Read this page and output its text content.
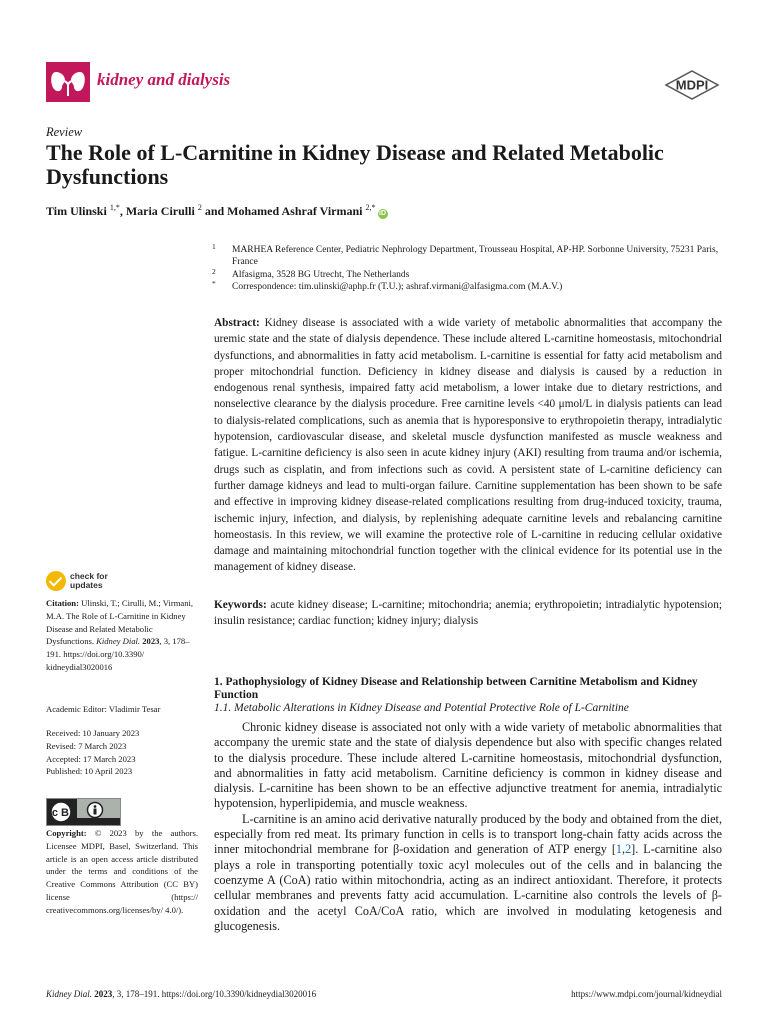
kidney and dialysis	MDPI
Review
The Role of L-Carnitine in Kidney Disease and Related Metabolic Dysfunctions
Tim Ulinski $^{1,*}$, Maria Cirulli $^2$ and Mohamed Ashraf Virmani $^{2,*}$iD
1 MARHEA Reference Center, Pediatric Nephrology Department, Trousseau Hospital, AP-HP. Sorbonne University, 75231 Paris, France
2 Alfasigma, 3528 BG Utrecht, The Netherlands
* Correspondence: tim.ulinski@aphp.fr (T.U.); ashraf.virmani@alfasigma.com (M.A.V.)
Abstract: Kidney disease is associated with a wide variety of metabolic abnormalities that accompany the uremic state and the state of dialysis dependence. These include altered L-carnitine homeostasis, mitochondrial dysfunctions, and abnormalities in fatty acid metabolism. L-carnitine is essential for fatty acid metabolism and proper mitochondrial function. Deficiency in kidney disease and dialysis is caused by a reduction in endogenous renal synthesis, impaired fatty acid metabolism, a lower intake due to dietary restrictions, and nonselective clearance by the dialysis procedure. Free carnitine levels <40 μmol/L in dialysis patients can lead to dialysis-related complications, such as anemia that is hyporesponsive to erythropoietin therapy, intradialytic hypotension, cardiovascular disease, and skeletal muscle dysfunction manifested as muscle weakness and fatigue. L-carnitine deficiency is also seen in acute kidney injury (AKI) resulting from trauma and/or ischemia, drugs such as cisplatin, and from infections such as covid. A persistent state of L-carnitine deficiency can further damage kidneys and lead to multi-organ failure. Carnitine supplementation has been shown to be safe and effective in improving kidney disease-related complications resulting from drug-induced toxicity, trauma, ischemic injury, infection, and dialysis, by replenishing adequate carnitine levels and rebalancing carnitine homeostasis. In this review, we will examine the protective role of L-carnitine in reducing cellular oxidative damage and maintaining mitochondrial function together with the clinical evidence for its potential use in the management of kidney disease.
Keywords: acute kidney disease; L-carnitine; mitochondria; anemia; erythropoietin; intradialytic hypotension; insulin resistance; cardiac function; kidney injury; dialysis
check for
updates

Citation: Ulinski, T.; Cirulli, M.; Virmani, M.A. The Role of L-Carnitine in Kidney Disease and Related Metabolic Dysfunctions. Kidney Dial. 2023, 3, 178–191. https://doi.org/10.3390/ kidneydial3020016

Academic Editor: Vladimir Tesar

Received: 10 January 2023

Revised: 7 March 2023

Accepted: 17 March 2023

Published: 10 April 2023

cc BY

Copyright: © 2023 by the authors. Licensee MDPI, Basel, Switzerland. This article is an open access article distributed under the terms and conditions of the Creative Commons Attribution (CC BY) license (https:// creativecommons.org/licenses/by/ 4.0/).

1. Pathophysiology of Kidney Disease and Relationship between Carnitine Metabolism and Kidney Function
1.1. Metabolic Alterations in Kidney Disease and Potential Protective Role of L-Carnitine

Chronic kidney disease is associated not only with a wide variety of metabolic abnormalities that accompany the uremic state and the state of dialysis dependence but also with specific changes related to the dialysis procedure. These include altered L-carnitine homeostasis, mitochondrial dysfunction, and abnormalities in fatty acid metabolism. Carnitine deficiency is common in kidney disease and dialysis. L-carnitine has been shown to be an effective adjunctive treatment for anemia, intradialytic hypotension, hyperlipidemia, and muscle weakness.

L-carnitine is an amino acid derivative naturally produced by the body and obtained from the diet, especially from red meat. Its primary function in cells is to transport long-chain fatty acids across the inner mitochondrial membrane for β-oxidation and generation of ATP energy [1,2]. L-carnitine also plays a role in transporting potentially toxic acyl molecules out of the cells and in balancing the coenzyme A (CoA) ratio within mitochondria, acting as an indirect antioxidant. Therefore, it protects cellular membranes and prevents fatty acid accumulation. L-carnitine also controls the levels of β-oxidation and the acetyl CoA/CoA ratio, which are involved in modulating ketogenesis and glucogenesis.

Kidney Dial. 2023, 3, 178–191. https://doi.org/10.3390/kidneydial3020016	https://www.mdpi.com/journal/kidneydial
